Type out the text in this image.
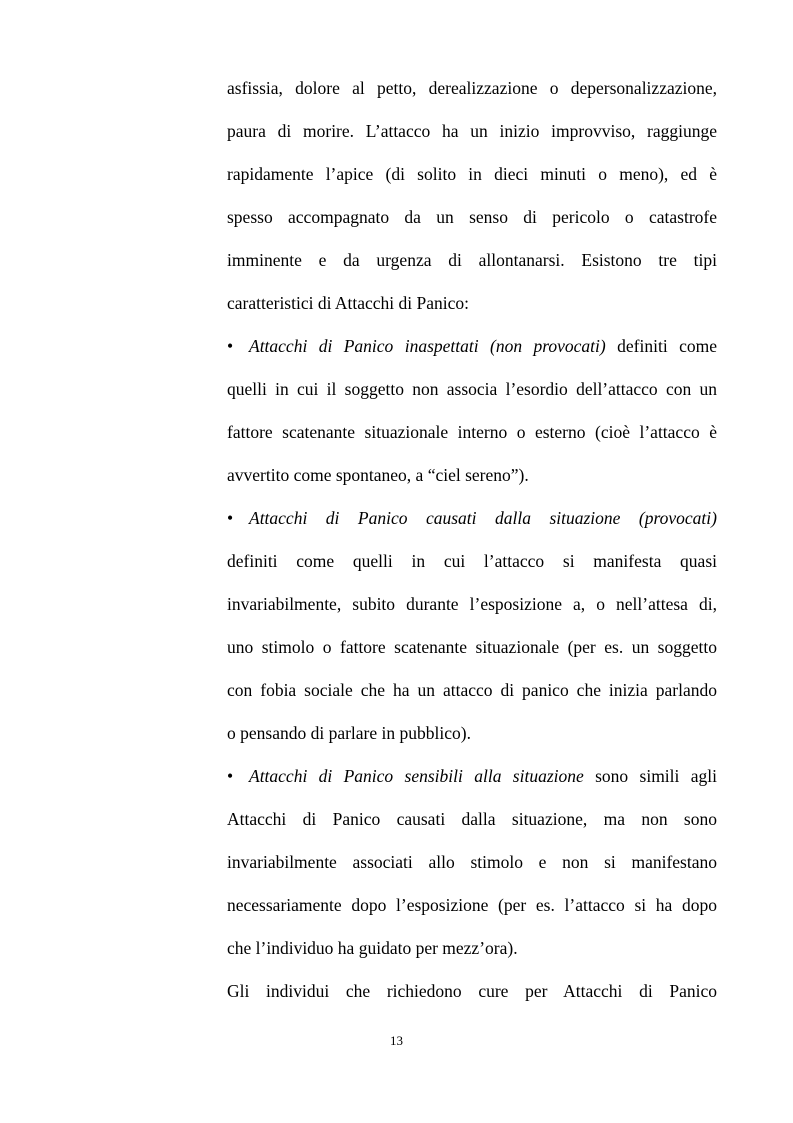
asfissia, dolore al petto, derealizzazione o depersonalizzazione,
paura di morire. L’attacco ha un inizio improvviso, raggiunge
rapidamente l’apice (di solito in dieci minuti o meno), ed è
spesso accompagnato da un senso di pericolo o catastrofe
imminente e da urgenza di allontanarsi. Esistono tre tipi
caratteristici di Attacchi di Panico:
• Attacchi di Panico inaspettati (non provocati) definiti come
quelli in cui il soggetto non associa l’esordio dell’attacco con un
fattore scatenante situazionale interno o esterno (cioè l’attacco è
avvertito come spontaneo, a “ciel sereno”).
• Attacchi di Panico causati dalla situazione (provocati)
definiti come quelli in cui l’attacco si manifesta quasi
invariabilmente, subito durante l’esposizione a, o nell’attesa di,
uno stimolo o fattore scatenante situazionale (per es. un soggetto
con fobia sociale che ha un attacco di panico che inizia parlando
o pensando di parlare in pubblico).
• Attacchi di Panico sensibili alla situazione sono simili agli
Attacchi di Panico causati dalla situazione, ma non sono
invariabilmente associati allo stimolo e non si manifestano
necessariamente dopo l’esposizione (per es. l’attacco si ha dopo
che l’individuo ha guidato per mezz’ora).
Gli individui che richiedono cure per Attacchi di Panico
13
